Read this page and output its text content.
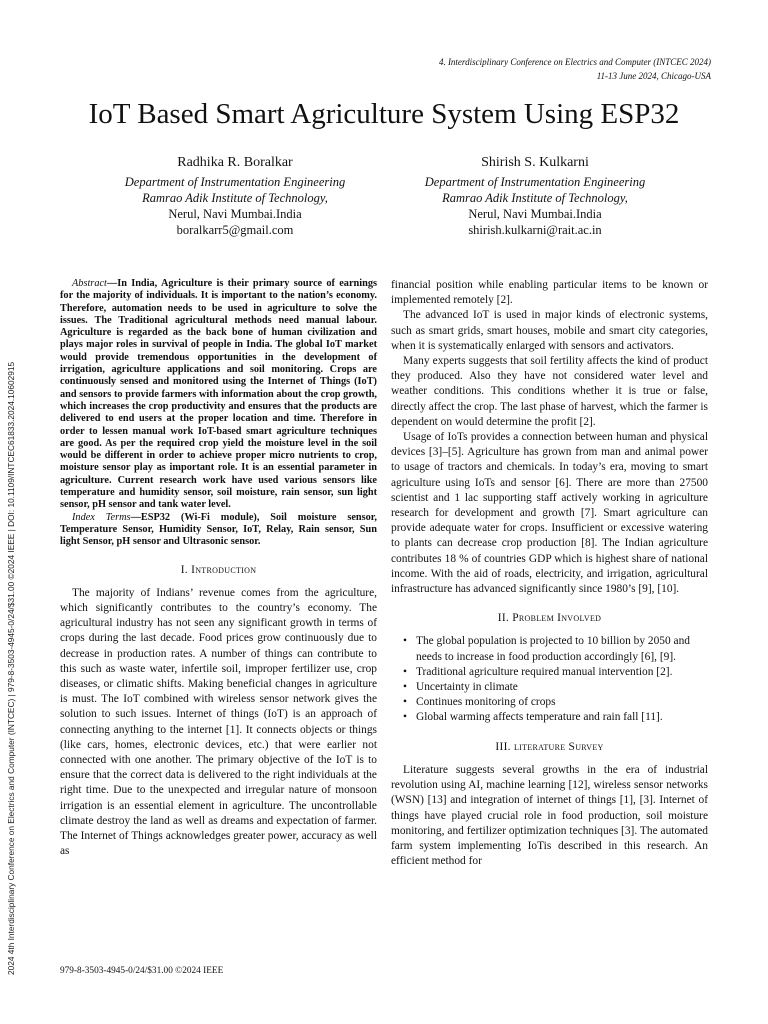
4. Interdisciplinary Conference on Electrics and Computer (INTCEC 2024)
11-13 June 2024, Chicago-USA
IoT Based Smart Agriculture System Using ESP32
Radhika R. Boralkar
Department of Instrumentation Engineering
Ramrao Adik Institute of Technology,
Nerul, Navi Mumbai.India
boralkarr5@gmail.com
Shirish S. Kulkarni
Department of Instrumentation Engineering
Ramrao Adik Institute of Technology,
Nerul, Navi Mumbai.India
shirish.kulkarni@rait.ac.in
2024 4th Interdisciplinary Conference on Electrics and Computer (INTCEC) | 979-8-3503-4945-0/24/$31.00 ©2024 IEEE | DOI: 10.1109/INTCEC61833.2024.10602915

Abstract—In India, Agriculture is their primary source of earnings for the majority of individuals. It is important to the nation’s economy. Therefore, automation needs to be used in agriculture to solve the issues. The Traditional agricultural methods need manual labour. Agriculture is regarded as the back bone of human civilization and plays major roles in survival of people in India. The global IoT market would provide tremendous opportunities in the development of irrigation, agriculture applications and soil monitoring. Crops are continuously sensed and monitored using the Internet of Things (IoT) and sensors to provide farmers with information about the crop growth, which increases the crop productivity and ensures that the products are delivered to end users at the proper location and time. Therefore in order to lessen manual work IoT-based smart agriculture techniques are good. As per the required crop yield the moisture level in the soil would be different in order to achieve proper micro nutrients to crop, moisture sensor play as important role. It is an essential parameter in agriculture. Current research work have used various sensors like temperature and humidity sensor, soil moisture, rain sensor, sun light sensor, pH sensor and tank water level.

Index Terms—ESP32 (Wi-Fi module), Soil moisture sensor, Temperature Sensor, Humidity Sensor, IoT, Relay, Rain sensor, Sun light Sensor, pH sensor and Ultrasonic sensor.

I. Introduction

The majority of Indians’ revenue comes from the agriculture, which significantly contributes to the country’s economy. The agricultural industry has not seen any significant growth in terms of crops during the last decade. Food prices grow continuously due to decrease in production rates. A number of things can contribute to this such as waste water, infertile soil, improper fertilizer use, crop diseases, or climatic shifts. Making beneficial changes in agriculture is must. The IoT combined with wireless sensor network gives the solution to such issues. Internet of things (IoT) is an approach of connecting anything to the internet [1]. It connects objects or things (like cars, homes, electronic devices, etc.) that were earlier not connected with one another. The primary objective of the IoT is to ensure that the correct data is delivered to the right individuals at the right time. Due to the unexpected and irregular nature of monsoon irrigation is an essential element in agriculture. The uncontrollable climate destroy the land as well as dreams and expectation of farmer. The Internet of Things acknowledges greater power, accuracy as well as

financial position while enabling particular items to be known or implemented remotely [2].

The advanced IoT is used in major kinds of electronic systems, such as smart grids, smart houses, mobile and smart city categories, when it is systematically enlarged with sensors and activators.

Many experts suggests that soil fertility affects the kind of product they produced. Also they have not considered water level and weather conditions. This conditions whether it is true or false, directly affect the crop. The last phase of harvest, which the farmer is dependent on would determine the profit [2].

Usage of IoTs provides a connection between human and physical devices [3]–[5]. Agriculture has grown from man and animal power to usage of tractors and chemicals. In today’s era, moving to smart agriculture using IoTs and sensor [6]. There are more than 27500 scientist and 1 lac supporting staff actively working in agriculture research for development and growth [7]. Smart agriculture can provide adequate water for crops. Insufficient or excessive watering to plants can decrease crop production [8]. The Indian agriculture contributes 18 % of countries GDP which is highest share of national income. With the aid of roads, electricity, and irrigation, agricultural infrastructure has advanced significantly since 1980’s [9], [10].

II. Problem Involved
• The global population is projected to 10 billion by 2050 and needs to increase in food production accordingly [6], [9].
• Traditional agriculture required manual intervention [2].
• Uncertainty in climate
• Continues monitoring of crops
• Global warming affects temperature and rain fall [11].
III. literature Survey

Literature suggests several growths in the era of industrial revolution using AI, machine learning [12], wireless sensor networks (WSN) [13] and integration of internet of things [1], [3]. Internet of things have played crucial role in food production, soil moisture monitoring, and fertilizer optimization techniques [3]. The automated farm system implementing IoTis described in this research. An efficient method for

979-8-3503-4945-0/24/$31.00 ©2024 IEEE
